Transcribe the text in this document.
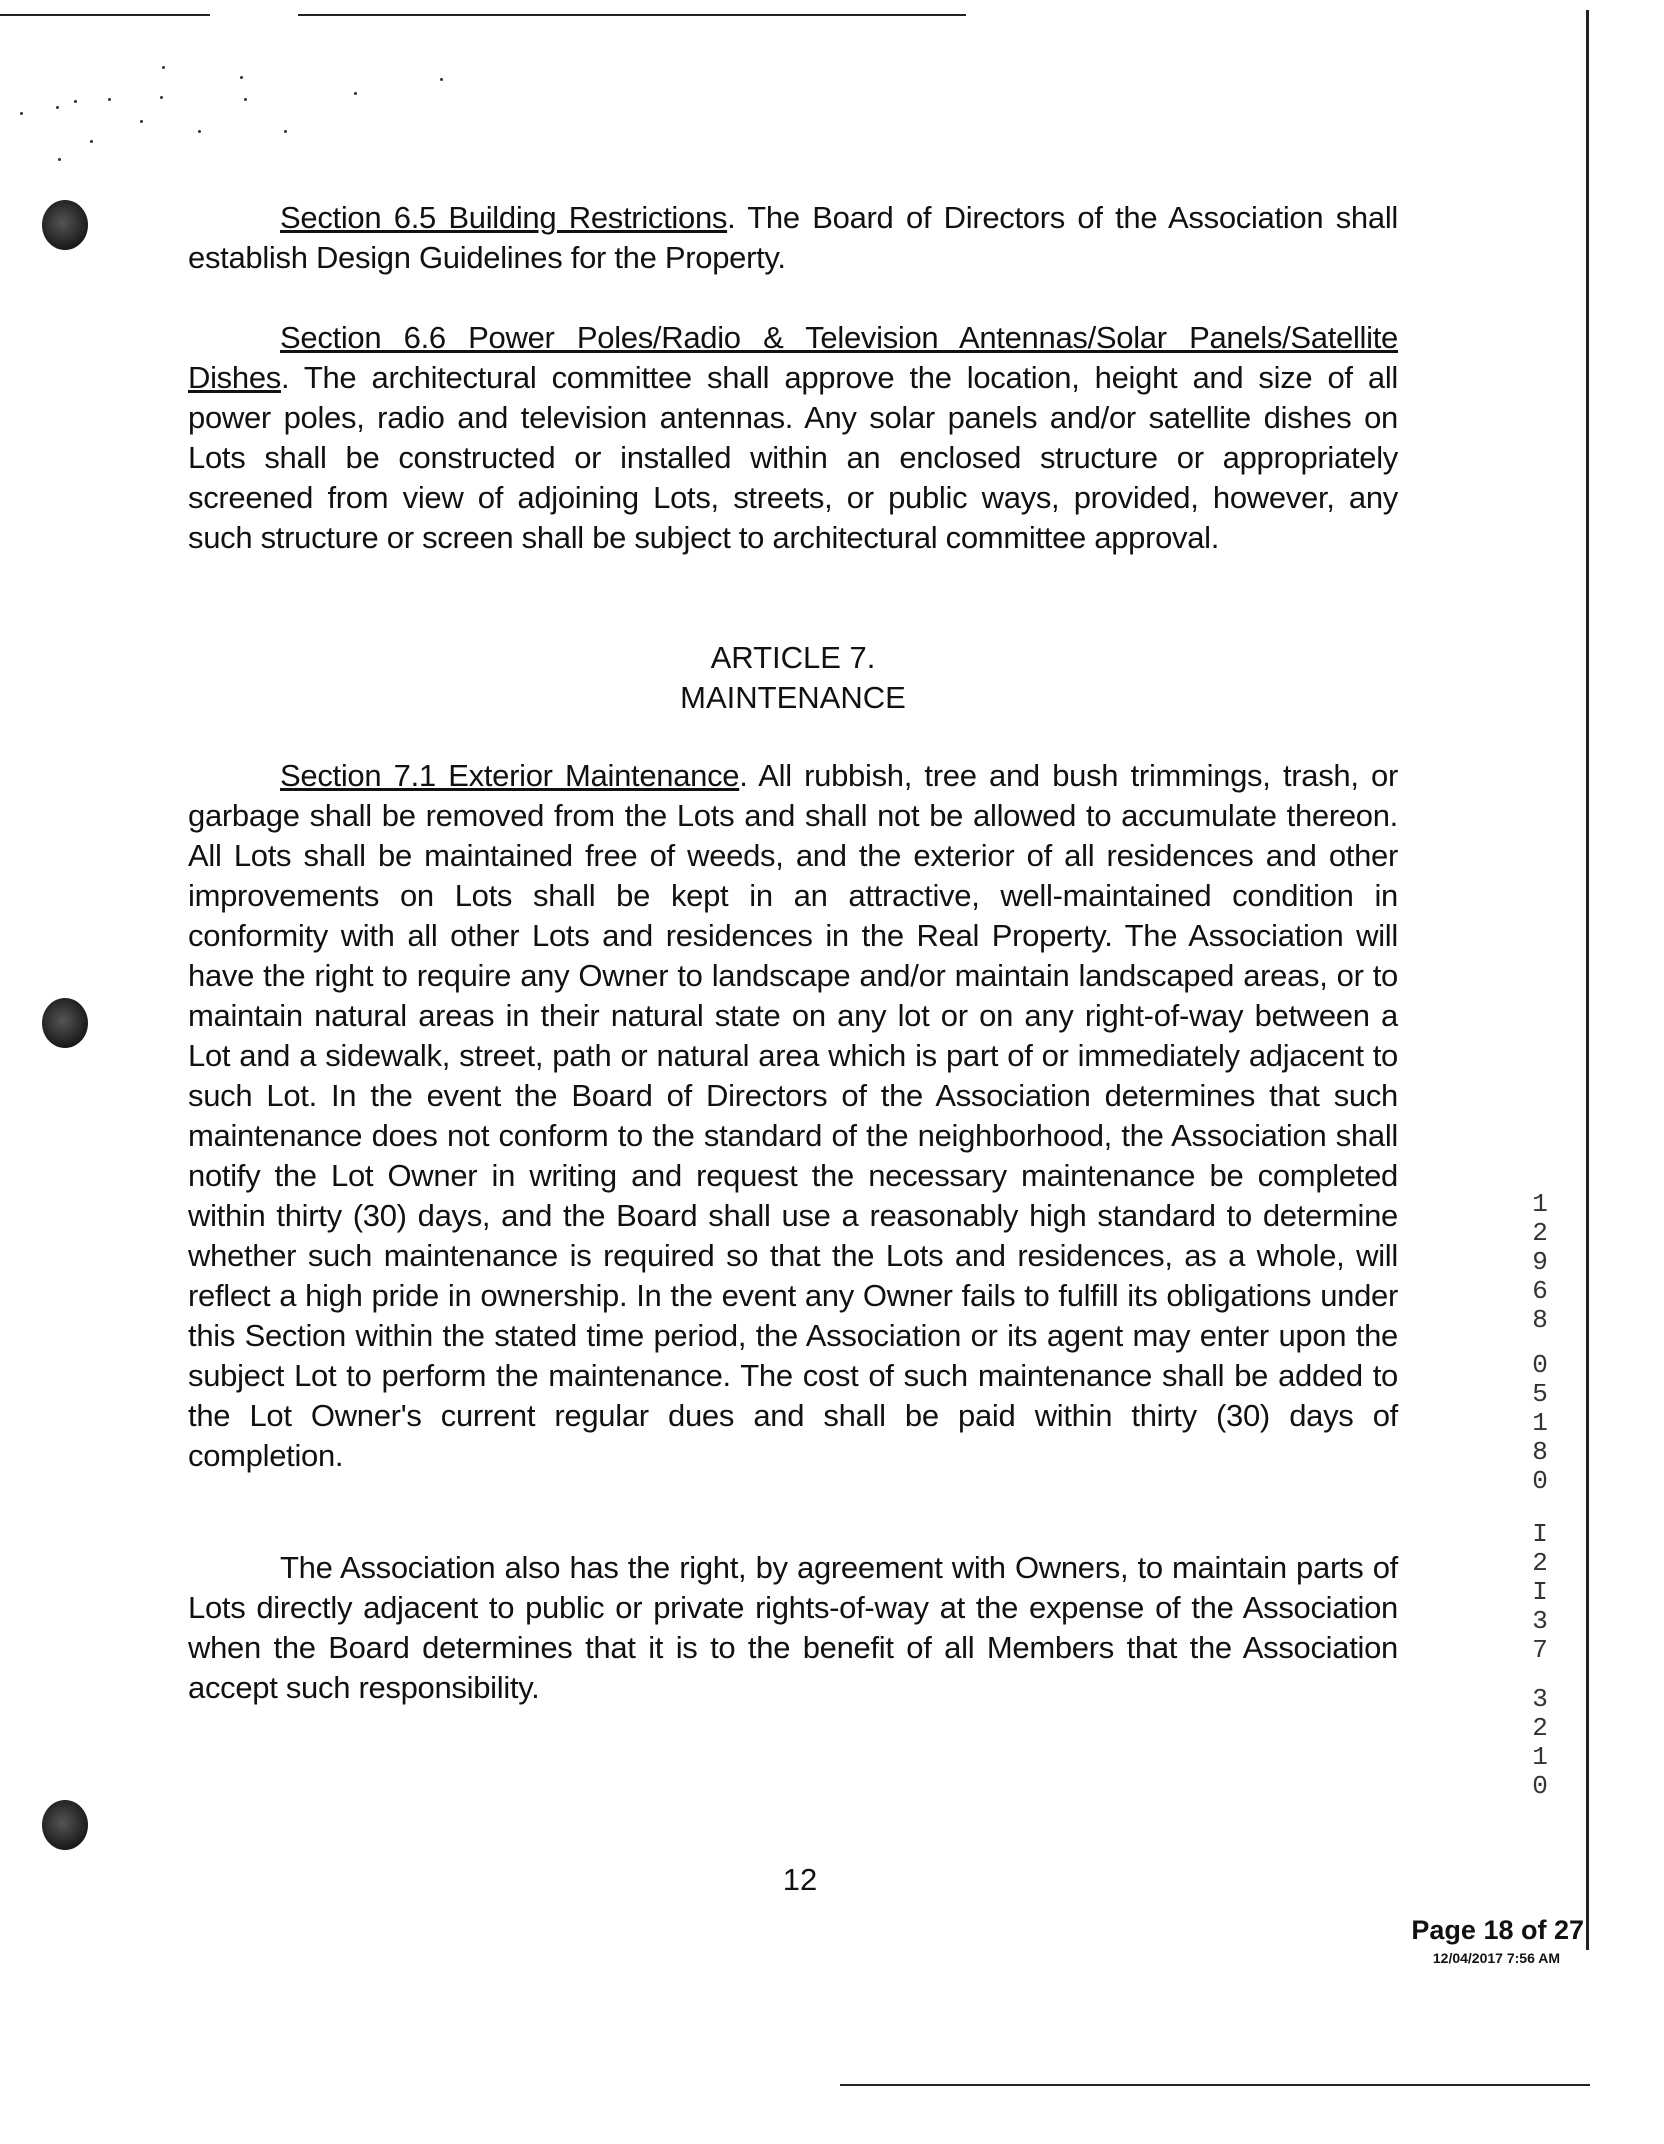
Section 6.5 Building Restrictions. The Board of Directors of the Association shall establish Design Guidelines for the Property.

Section 6.6 Power Poles/Radio & Television Antennas/Solar Panels/Satellite Dishes. The architectural committee shall approve the location, height and size of all power poles, radio and television antennas. Any solar panels and/or satellite dishes on Lots shall be constructed or installed within an enclosed structure or appropriately screened from view of adjoining Lots, streets, or public ways, provided, however, any such structure or screen shall be subject to architectural committee approval.

ARTICLE 7.
MAINTENANCE

Section 7.1 Exterior Maintenance. All rubbish, tree and bush trimmings, trash, or garbage shall be removed from the Lots and shall not be allowed to accumulate thereon. All Lots shall be maintained free of weeds, and the exterior of all residences and other improvements on Lots shall be kept in an attractive, well-maintained condition in conformity with all other Lots and residences in the Real Property. The Association will have the right to require any Owner to landscape and/or maintain landscaped areas, or to maintain natural areas in their natural state on any lot or on any right-of-way between a Lot and a sidewalk, street, path or natural area which is part of or immediately adjacent to such Lot. In the event the Board of Directors of the Association determines that such maintenance does not conform to the standard of the neighborhood, the Association shall notify the Lot Owner in writing and request the necessary maintenance be completed within thirty (30) days, and the Board shall use a reasonably high standard to determine whether such maintenance is required so that the Lots and residences, as a whole, will reflect a high pride in ownership. In the event any Owner fails to fulfill its obligations under this Section within the stated time period, the Association or its agent may enter upon the subject Lot to perform the maintenance. The cost of such maintenance shall be added to the Lot Owner's current regular dues and shall be paid within thirty (30) days of completion.

The Association also has the right, by agreement with Owners, to maintain parts of Lots directly adjacent to public or private rights-of-way at the expense of the Association when the Board determines that it is to the benefit of all Members that the Association accept such responsibility.

1
2
9
6
8
0
5
1
8
0
I
2
I
3
7
3
2
1
0
12
Page 18 of 27
12/04/2017 7:56 AM
